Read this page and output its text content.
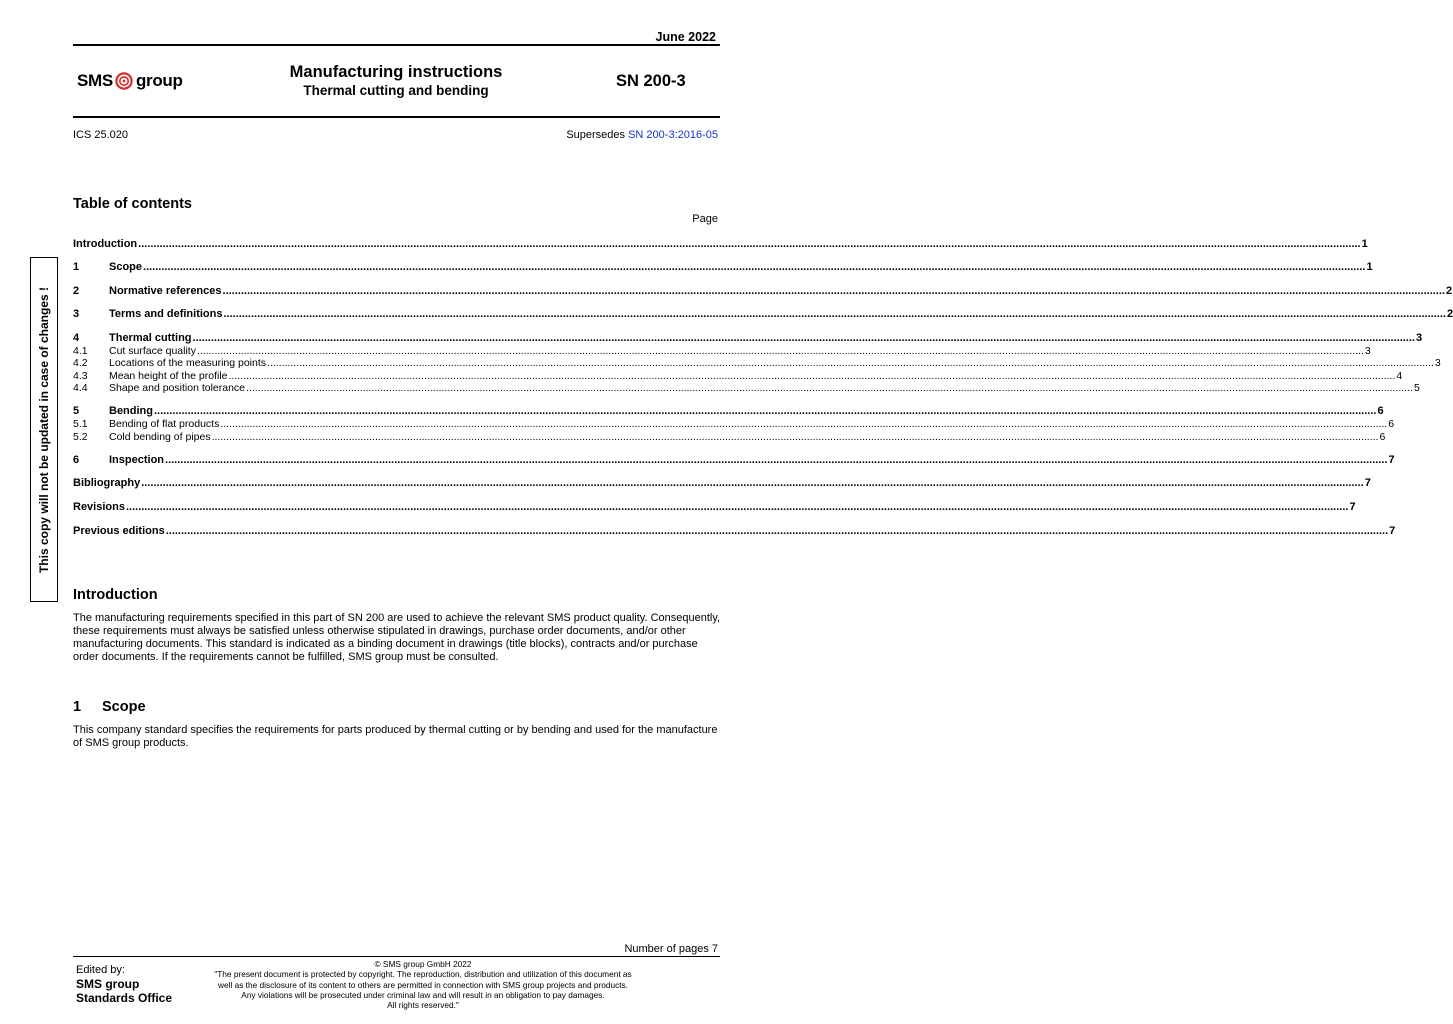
June 2022
SMS group	Manufacturing instructions
Thermal cutting and bending
SN 200-3
ICS 25.020	Supersedes SN 200-3:2016-05
This copy will not be updated in case of changes !
Table of contents
Page
Introduction ................................................................................................................................................................................................................................................................................................................................................................................................................ 1
1	Scope ................................................................................................................................................................................................................................................................................................................................................................................................................ 1
2	Normative references ................................................................................................................................................................................................................................................................................................................................................................................................................ 2
3	Terms and definitions ................................................................................................................................................................................................................................................................................................................................................................................................................ 2
4	Thermal cutting ................................................................................................................................................................................................................................................................................................................................................................................................................ 3
4.1	Cut surface quality ................................................................................................................................................................................................................................................................................................................................................................................................................ 3
4.2	Locations of the measuring points ................................................................................................................................................................................................................................................................................................................................................................................................................ 3
4.3	Mean height of the profile ................................................................................................................................................................................................................................................................................................................................................................................................................ 4
4.4	Shape and position tolerance ................................................................................................................................................................................................................................................................................................................................................................................................................ 5
5	Bending ................................................................................................................................................................................................................................................................................................................................................................................................................ 6
5.1	Bending of flat products ................................................................................................................................................................................................................................................................................................................................................................................................................ 6
5.2	Cold bending of pipes ................................................................................................................................................................................................................................................................................................................................................................................................................ 6
6	Inspection ................................................................................................................................................................................................................................................................................................................................................................................................................ 7
Bibliography ................................................................................................................................................................................................................................................................................................................................................................................................................ 7
Revisions ................................................................................................................................................................................................................................................................................................................................................................................................................ 7
Previous editions ................................................................................................................................................................................................................................................................................................................................................................................................................ 7
Introduction
The manufacturing requirements specified in this part of SN 200 are used to achieve the relevant SMS product quality. Consequently, these requirements must always be satisfied unless otherwise stipulated in drawings, purchase order documents, and/or other manufacturing documents. This standard is indicated as a binding document in drawings (title blocks), contracts and/or purchase order documents. If the requirements cannot be fulfilled, SMS group must be consulted.
1 Scope
This company standard specifies the requirements for parts produced by thermal cutting or by bending and used for the manufacture of SMS group products.
Number of pages 7
Edited by:
SMS group
Standards Office
© SMS group GmbH 2022
"The present document is protected by copyright. The reproduction, distribution and utilization of this document as
well as the disclosure of its content to others are permitted in connection with SMS group projects and products.
Any violations will be prosecuted under criminal law and will result in an obligation to pay damages.
All rights reserved."
